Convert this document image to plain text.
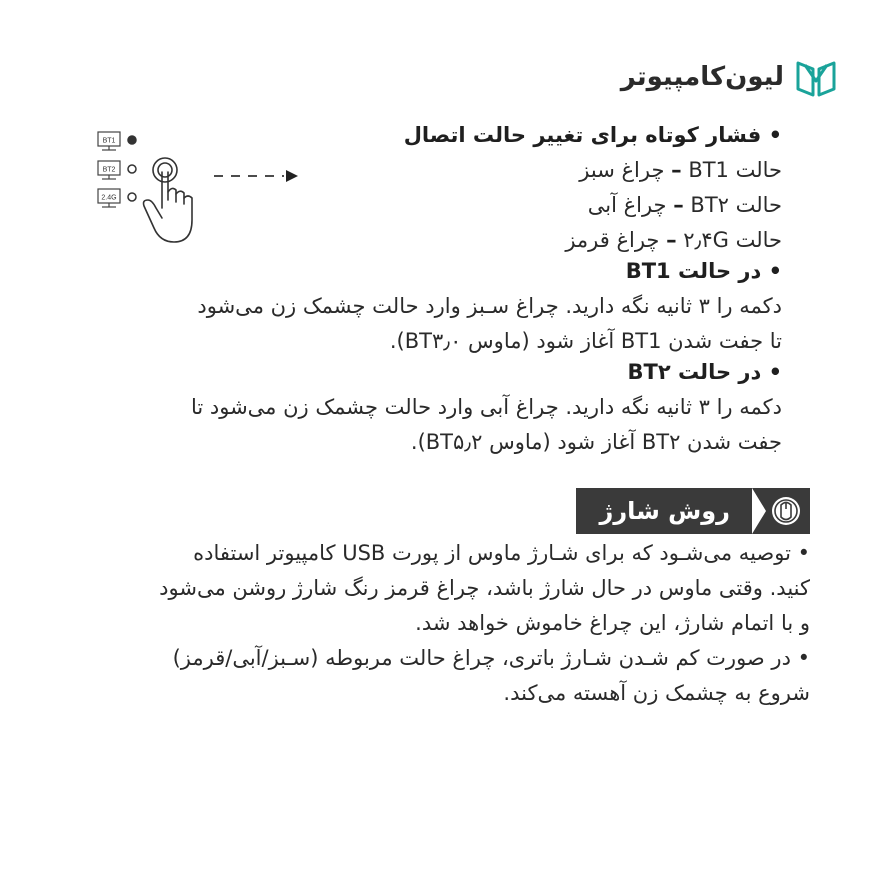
لیون‌کامپیوتر
BT1
BT2
2.4G
• فشار کوتاه برای تغییر حالت اتصال
حالت BT1 – چراغ سبز
حالت BT۲ – چراغ آبی
حالت ۲٫۴G – چراغ قرمز
• در حالت BT1
دکمه را ۳ ثانیه نگه دارید. چراغ سـبز وارد حالت چشمک زن می‌شود
تا جفت شدن BT1 آغاز شود (ماوس BT۳٫۰).
• در حالت BT۲
دکمه را ۳ ثانیه نگه دارید. چراغ آبی وارد حالت چشمک زن می‌شود تا
جفت شدن BT۲ آغاز شود (ماوس BT۵٫۲).
روش شارژ
• توصیه می‌شـود که برای شـارژ ماوس از پورت USB کامپیوتر استفاده
کنید. وقتی ماوس در حال شارژ باشد، چراغ قرمز رنگ شارژ روشن می‌شود
و با اتمام شارژ، این چراغ خاموش خواهد شد.
• در صورت کم شـدن شـارژ باتری، چراغ حالت مربوطه (سـبز/آبی/قرمز)
شروع به چشمک زن آهسته می‌کند.
